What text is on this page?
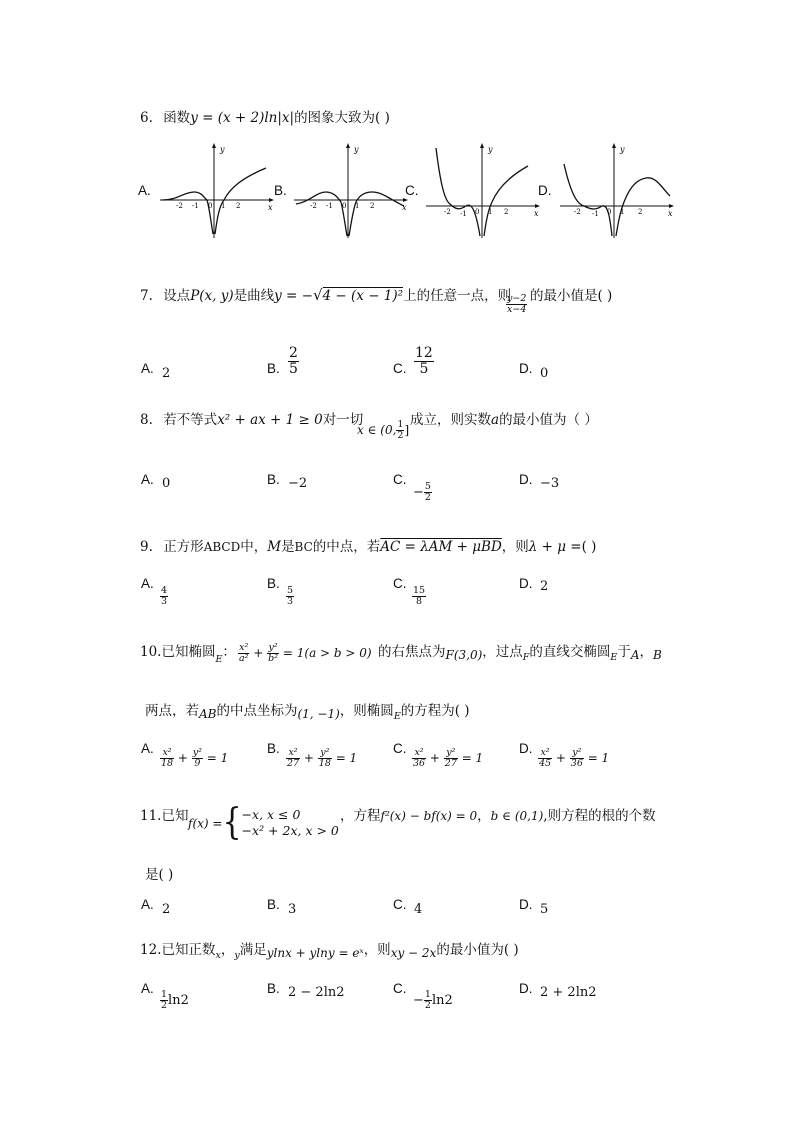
6. 函数y = (x + 2)ln|x|的图象大致为( )
A.	B.	C.	D.
y
x
-2 -1 0 1 2
y
x
-2 -1 0 1 2
y
x
-2 -1 0 1 2
y
x
-2 -1 0 1 2
7. 设点P(x, y)是曲线y = −√4 − (x − 1)²上的任意一点，则
$\frac{y-2}{x-4}$ 的最小值是( )
A. 2	B. $\frac{2}{5}$	C. $\frac{12}{5}$	D. 0
8. 若不等式x² + ax + 1 ≥ 0对一切
x ∈ (0, $\frac{1}{2}$ ]
成立，则实数a的最小值为（ ）
A. 0	B. −2	C.
− $\frac{5}{2}$
D. −3
9. 正方形ABCD中，M是BC的中点，若AC = λAM + μBD，则λ + μ =( )
A.
$\frac{4}{3}$
B.
$\frac{5}{3}$
C.
$\frac{15}{8}$
D. 2
10.已知椭圆$_E$： $\frac{\text{x²}}{\text{a²}} + \frac{\text{y²}}{\text{b²}} = 1(a > b > 0)$ 的右焦点为F(3,0)，过点$_F$的直线交椭圆$_E$于A，B
两点，若AB的中点坐标为(1, −1)，则椭圆$_E$的方程为( )
A. $\frac{\text{x²}}{18} + \frac{\text{y²}}{9} = 1$
B. $\frac{\text{x²}}{27} + \frac{\text{y²}}{18} = 1$
C. $\frac{\text{x²}}{36} + \frac{\text{y²}}{27} = 1$
D. $\frac{\text{x²}}{45} + \frac{\text{y²}}{36} = 1$
11.已知 f(x) ={ −x, x ≤ 0
−x² + 2x, x > 0
，方程f²(x) − bf(x) = 0，b ∈ (0,1),则方程的根的个数
是( )
A. 2	B. 3	C. 4	D. 5
12.已知正数$_x$，$_y$满足ylnx + ylny = eˣ，则xy − 2x的最小值为( )
A.
$\frac{1}{2} \ln 2$
B. 2 − 2ln2	C.
− $\frac{1}{2} \ln 2$
D. 2 + 2ln2
